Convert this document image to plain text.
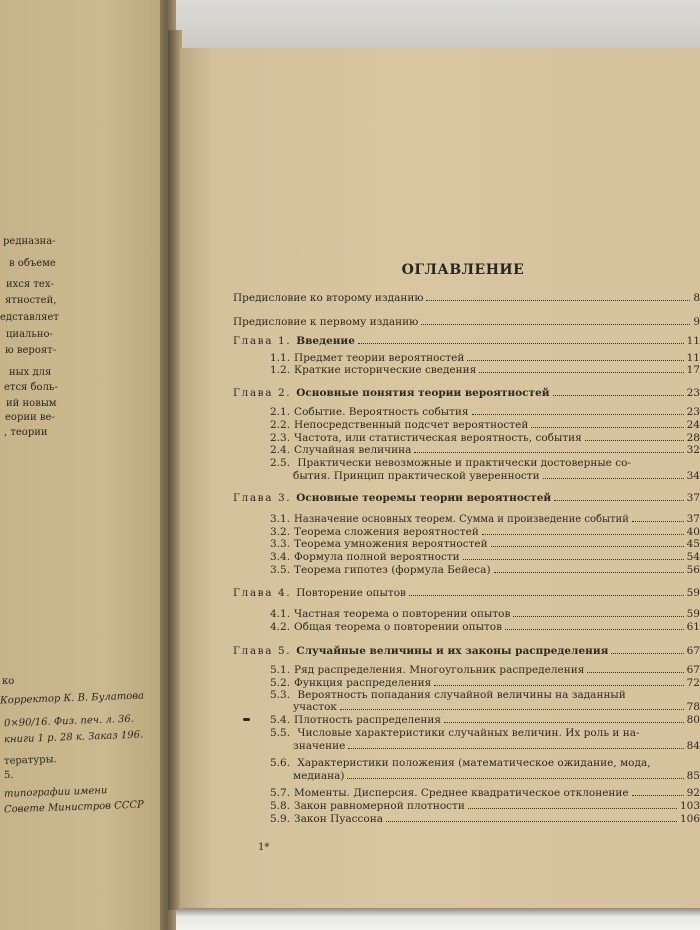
редназна-
в объеме
ихся тех-
ятностей,
едставляет
циально-
ю вероят-
ных для
ется боль-
ий новым
еории ве-
, теории
ко
Корректор К. В. Булатова
0×90/16. Физ. печ. л. 36.
книги 1 р. 28 к. Заказ 196.
тературы.
5.
типографии имени
Совете Министров СССР
ОГЛАВЛЕНИЕ
Предисловие ко второму изданию	8
Предисловие к первому изданию	9
Глава 1. Введение	11
1.1. Предмет теории вероятностей	11
1.2. Краткие исторические сведения	17
Глава 2. Основные понятия теории вероятностей	23
2.1. Событие. Вероятность события	23
2.2. Непосредственный подсчет вероятностей	24
2.3. Частота, или статистическая вероятность, события	28
2.4. Случайная величина	32
2.5. Практически невозможные и практически достоверные со-
бытия. Принцип практической уверенности	34
Глава 3. Основные теоремы теории вероятностей	37
3.1. Назначение основных теорем. Сумма и произведение событий	37
3.2. Теорема сложения вероятностей	40
3.3. Теорема умножения вероятностей	45
3.4. Формула полной вероятности	54
3.5. Теорема гипотез (формула Бейеса)	56
Глава 4. Повторение опытов	59
4.1. Частная теорема о повторении опытов	59
4.2. Общая теорема о повторении опытов	61
Глава 5. Случайные величины и их законы распределения	67
5.1. Ряд распределения. Многоугольник распределения	67
5.2. Функция распределения	72
5.3. Вероятность попадания случайной величины на заданный
участок	78
5.4. Плотность распределения	80
5.5. Числовые характеристики случайных величин. Их роль и на-
значение	84
5.6. Характеристики положения (математическое ожидание, мода,
медиана)	85
5.7. Моменты. Дисперсия. Среднее квадратическое отклонение	92
5.8. Закон равномерной плотности	103
5.9. Закон Пуассона	106
1*
